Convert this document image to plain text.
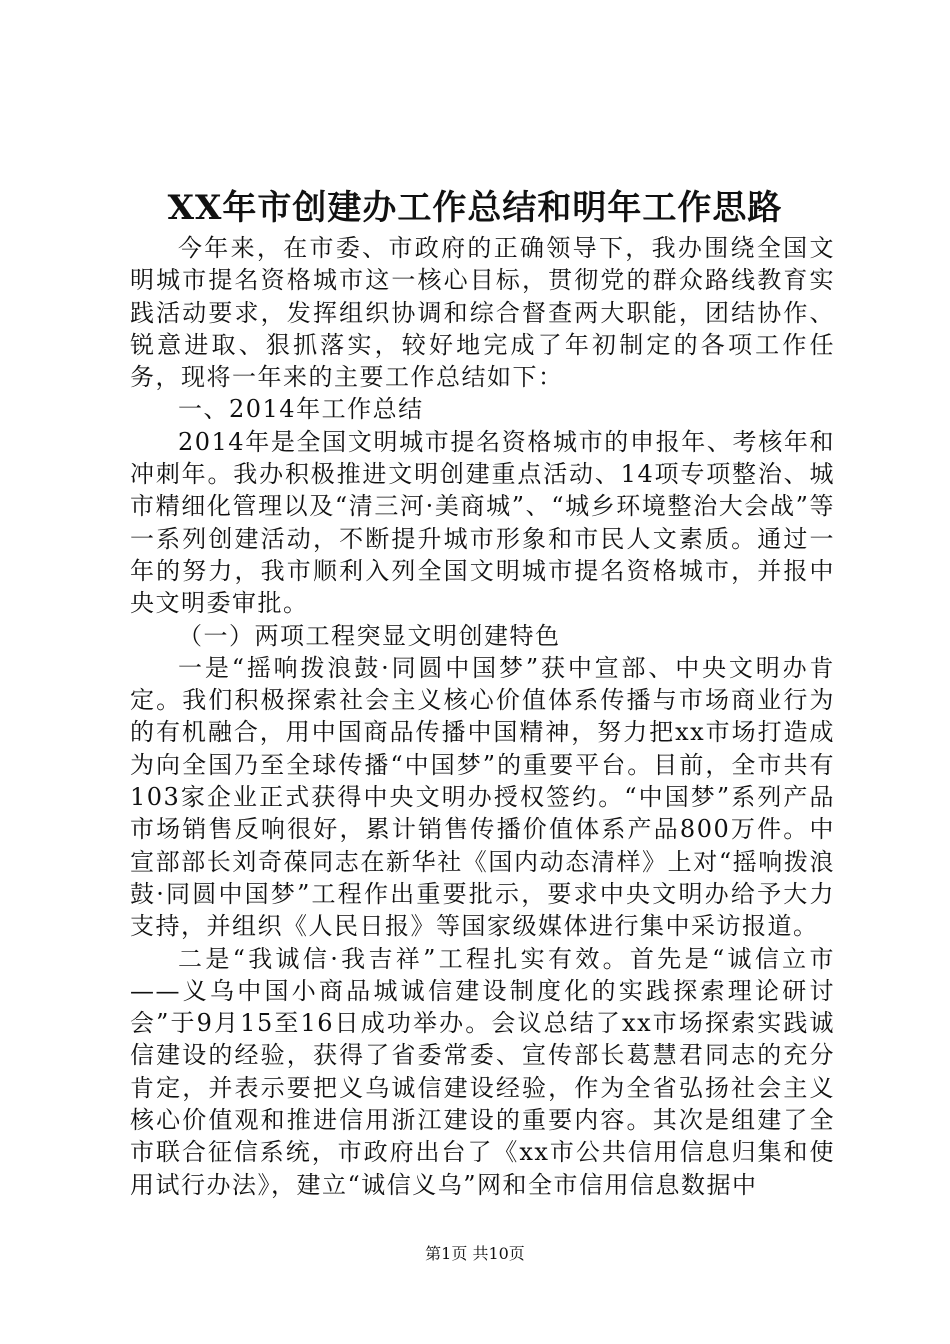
XX年市创建办工作总结和明年工作思路

今年来，在市委、市政府的正确领导下，我办围绕全国文明城市提名资格城市这一核心目标，贯彻党的群众路线教育实践活动要求，发挥组织协调和综合督查两大职能，团结协作、锐意进取、狠抓落实，较好地完成了年初制定的各项工作任务，现将一年来的主要工作总结如下：

一、2014年工作总结

2014年是全国文明城市提名资格城市的申报年、考核年和冲刺年。我办积极推进文明创建重点活动、14项专项整治、城市精细化管理以及“清三河·美商城”、“城乡环境整治大会战”等一系列创建活动，不断提升城市形象和市民人文素质。通过一年的努力，我市顺利入列全国文明城市提名资格城市，并报中央文明委审批。

（一）两项工程突显文明创建特色

一是“摇响拨浪鼓·同圆中国梦”获中宣部、中央文明办肯定。我们积极探索社会主义核心价值体系传播与市场商业行为的有机融合，用中国商品传播中国精神，努力把xx市场打造成为向全国乃至全球传播“中国梦”的重要平台。目前，全市共有103家企业正式获得中央文明办授权签约。“中国梦”系列产品市场销售反响很好，累计销售传播价值体系产品800万件。中宣部部长刘奇葆同志在新华社《国内动态清样》上对“摇响拨浪鼓·同圆中国梦”工程作出重要批示，要求中央文明办给予大力支持，并组织《人民日报》等国家级媒体进行集中采访报道。

二是“我诚信·我吉祥”工程扎实有效。首先是“诚信立市——义乌中国小商品城诚信建设制度化的实践探索理论研讨会”于9月15至16日成功举办。会议总结了xx市场探索实践诚信建设的经验，获得了省委常委、宣传部长葛慧君同志的充分肯定，并表示要把义乌诚信建设经验，作为全省弘扬社会主义核心价值观和推进信用浙江建设的重要内容。其次是组建了全市联合征信系统，市政府出台了《xx市公共信用信息归集和使用试行办法》，建立“诚信义乌”网和全市信用信息数据中

第1页 共10页
